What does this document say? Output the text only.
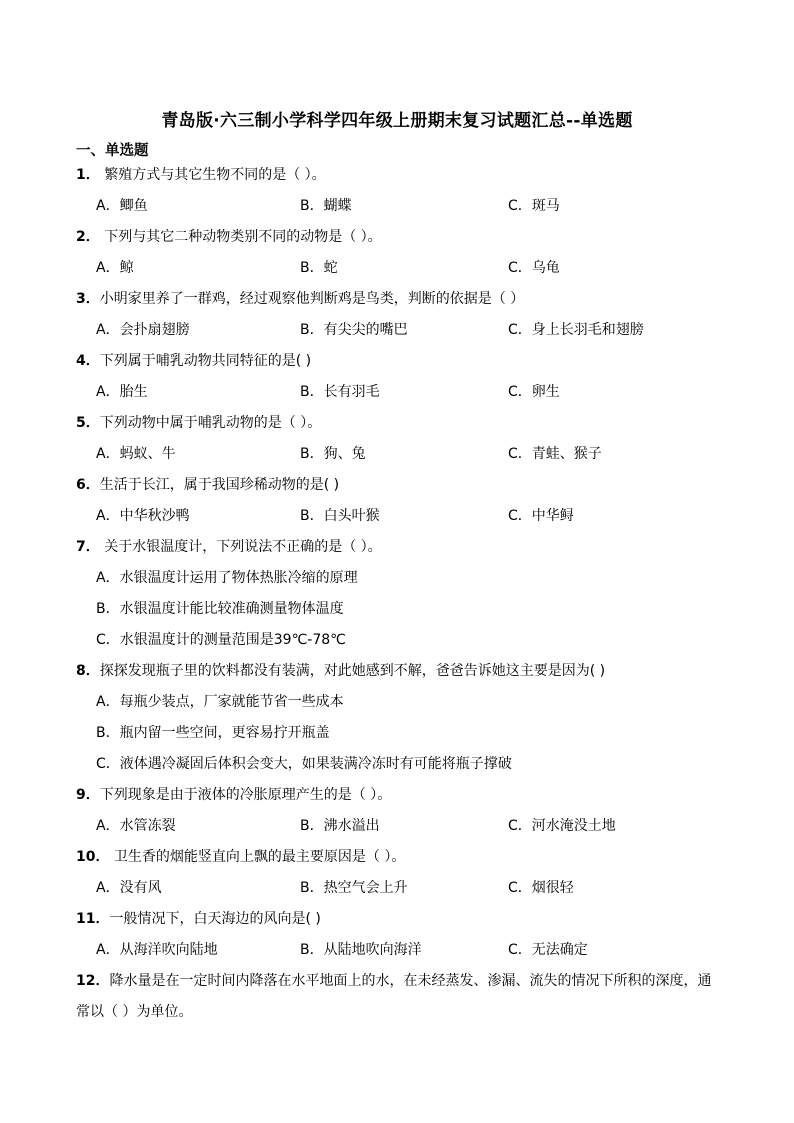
青岛版·六三制小学科学四年级上册期末复习试题汇总--单选题
一、单选题
1． 繁殖方式与其它生物不同的是（ ）。
A．鲫鱼	B．蝴蝶	C．斑马
2． 下列与其它二种动物类别不同的动物是（ ）。
A．鲸	B．蛇	C．乌龟
3．小明家里养了一群鸡，经过观察他判断鸡是鸟类，判断的依据是（ ）
A．会扑扇翅膀	B．有尖尖的嘴巴	C．身上长羽毛和翅膀
4．下列属于哺乳动物共同特征的是( )
A．胎生	B．长有羽毛	C．卵生
5．下列动物中属于哺乳动物的是（ ）。
A．蚂蚁、牛	B．狗、兔	C．青蛙、猴子
6．生活于长江，属于我国珍稀动物的是( )
A．中华秋沙鸭	B．白头叶猴	C．中华鲟
7． 关于水银温度计，下列说法不正确的是（ ）。
A．水银温度计运用了物体热胀冷缩的原理
B．水银温度计能比较准确测量物体温度
C．水银温度计的测量范围是39℃-78℃
8．探探发现瓶子里的饮料都没有装满，对此她感到不解，爸爸告诉她这主要是因为( )
A．每瓶少装点，厂家就能节省一些成本
B．瓶内留一些空间，更容易拧开瓶盖
C．液体遇冷凝固后体积会变大，如果装满冷冻时有可能将瓶子撑破
9．下列现象是由于液体的冷胀原理产生的是（ ）。
A．水管冻裂	B．沸水溢出	C．河水淹没土地
10． 卫生香的烟能竖直向上飘的最主要原因是（ ）。
A．没有风	B．热空气会上升	C．烟很轻
11．一般情况下，白天海边的风向是( )
A．从海洋吹向陆地	B．从陆地吹向海洋	C．无法确定
12．降水量是在一定时间内降落在水平地面上的水，在未经蒸发、渗漏、流失的情况下所积的深度，通常以（ ）为单位。
